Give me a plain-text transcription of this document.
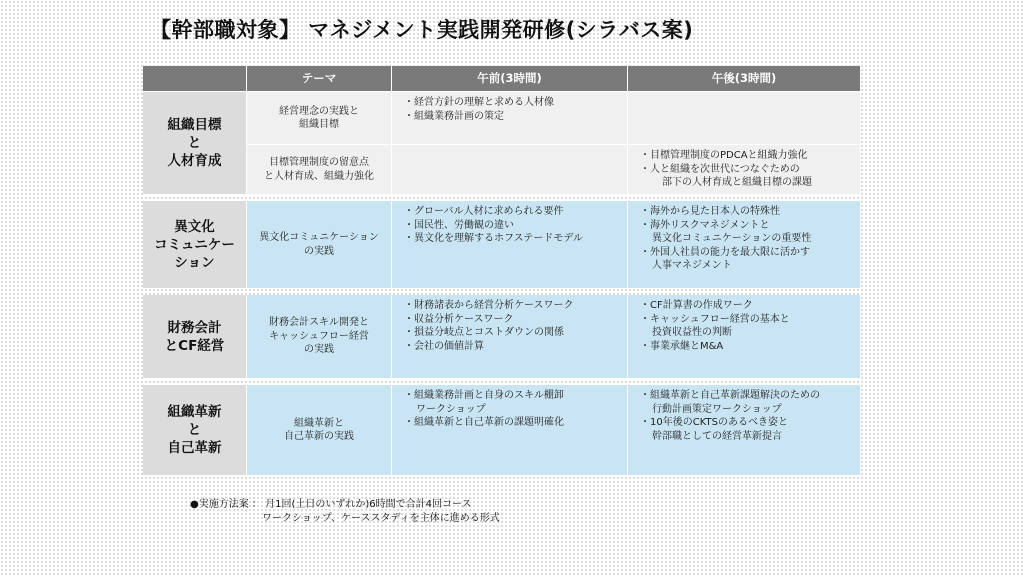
【幹部職対象】 マネジメント実践開発研修(シラバス案)
テーマ	午前(3時間)	午後(3時間)
組織目標
と
人材育成
経営理念の実践と
組織目標
・経営方針の理解と求める人材像
・組織業務計画の策定
目標管理制度の留意点
と人材育成、組織力強化
・目標管理制度のPDCAと組織力強化
・人と組織を次世代につなぐための
部下の人材育成と組織目標の課題
異文化
コミュニケー
ション
異文化コミュニケーション
の実践
・グローバル人材に求められる要件
・国民性、労働観の違い
・異文化を理解するホフステードモデル
・海外から見た日本人の特殊性
・海外リスクマネジメントと
異文化コミュニケーションの重要性
・外国人社員の能力を最大限に活かす
人事マネジメント
財務会計
とCF経営
財務会計スキル開発と
キャッシュフロー経営
の実践
・財務諸表から経営分析ケースワーク
・収益分析ケースワーク
・損益分岐点とコストダウンの関係
・会社の価値計算
・CF計算書の作成ワーク
・キャッシュフロー経営の基本と
投資収益性の判断
・事業承継とM&A
組織革新
と
自己革新
組織革新と
自己革新の実践
・組織業務計画と自身のスキル棚卸
ワークショップ
・組織革新と自己革新の課題明確化
・組織革新と自己革新課題解決のための
行動計画策定ワークショップ
・10年後のCKTSのあるべき姿と
幹部職としての経営革新提言
●実施方法案 ： 月1回(土日のいずれか)6時間で合計4回コース
ワークショップ、ケーススタディを主体に進める形式
